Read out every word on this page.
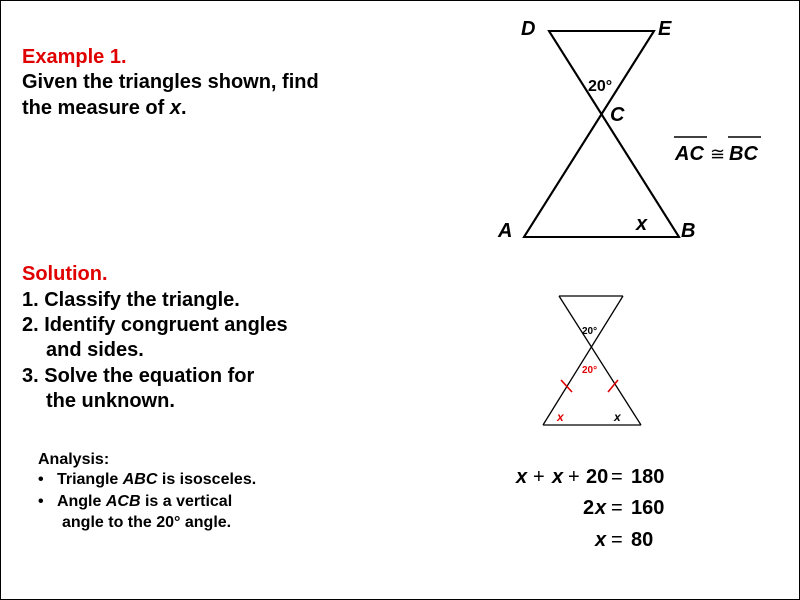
Example 1.
Given the triangles shown, find
the measure of x.
Solution.
1. Classify the triangle.
2. Identify congruent angles
and sides.
3. Solve the equation for
the unknown.
Analysis:
• Triangle ABC is isosceles.
• Angle ACB is a vertical
angle to the 20° angle.
D	E
A	B
C
x
20°
AC ≅ BC
20°
20°
x	x
x + x + 20 = 180
2 x = 160
x = 80
